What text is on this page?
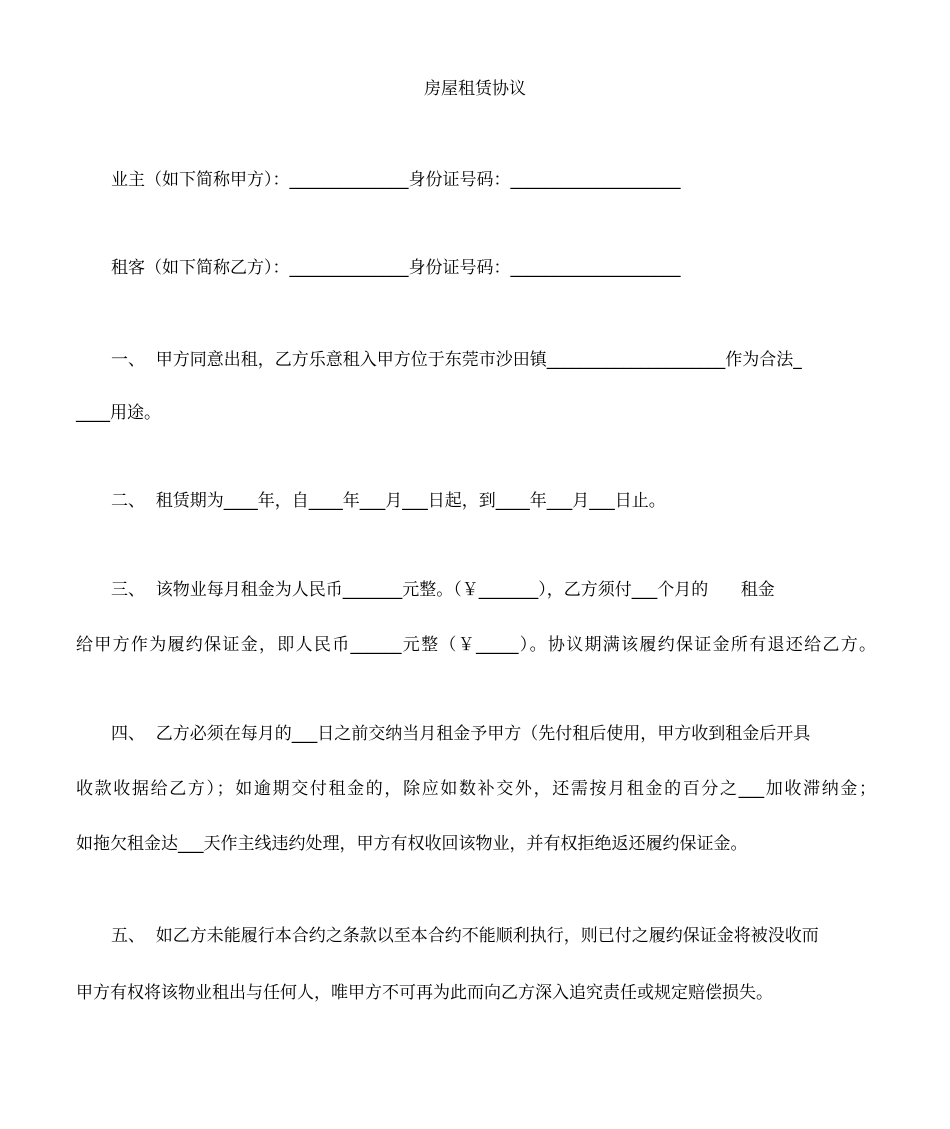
房屋租赁协议
业主（如下简称甲方）：______________身份证号码：____________________
租客（如下简称乙方）：______________身份证号码：____________________
一、  甲方同意出租，乙方乐意租入甲方位于东莞市沙田镇_____________________作为合法_
____用途。
二、  租赁期为____年，自____年___月___日起，到____年___月___日止。
三、  该物业每月租金为人民币_______元整。（￥_______），乙方须付___个月的      租金
给甲方作为履约保证金，即人民币______元整（￥_____）。协议期满该履约保证金所有退还给乙方。
四、  乙方必须在每月的___日之前交纳当月租金予甲方（先付租后使用，甲方收到租金后开具
收款收据给乙方）；如逾期交付租金的，除应如数补交外，还需按月租金的百分之___加收滞纳金；
如拖欠租金达___天作主线违约处理，甲方有权收回该物业，并有权拒绝返还履约保证金。
五、  如乙方未能履行本合约之条款以至本合约不能顺利执行，则已付之履约保证金将被没收而
甲方有权将该物业租出与任何人，唯甲方不可再为此而向乙方深入追究责任或规定赔偿损失。
